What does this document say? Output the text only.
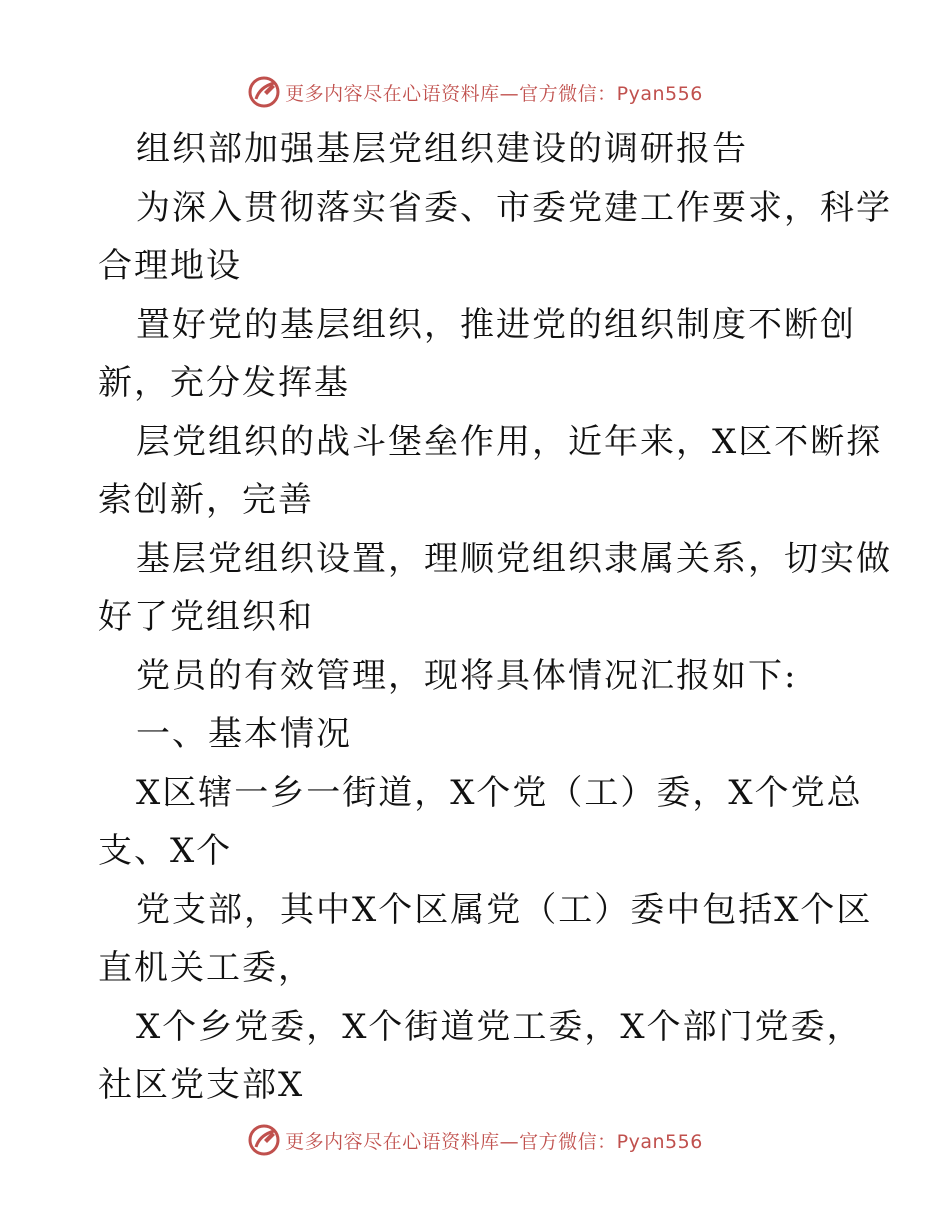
更多内容尽在心语资料库—官方微信：Pyan556
组织部加强基层党组织建设的调研报告
为深入贯彻落实省委、市委党建工作要求，科学
合理地设
置好党的基层组织，推进党的组织制度不断创
新，充分发挥基
层党组织的战斗堡垒作用，近年来，X区不断探
索创新，完善
基层党组织设置，理顺党组织隶属关系，切实做
好了党组织和
党员的有效管理，现将具体情况汇报如下:
一、基本情况
X区辖一乡一街道，X个党（工）委，X个党总
支、X个
党支部，其中X个区属党（工）委中包括X个区
直机关工委，
X个乡党委，X个街道党工委，X个部门党委，
社区党支部X
更多内容尽在心语资料库—官方微信：Pyan556
